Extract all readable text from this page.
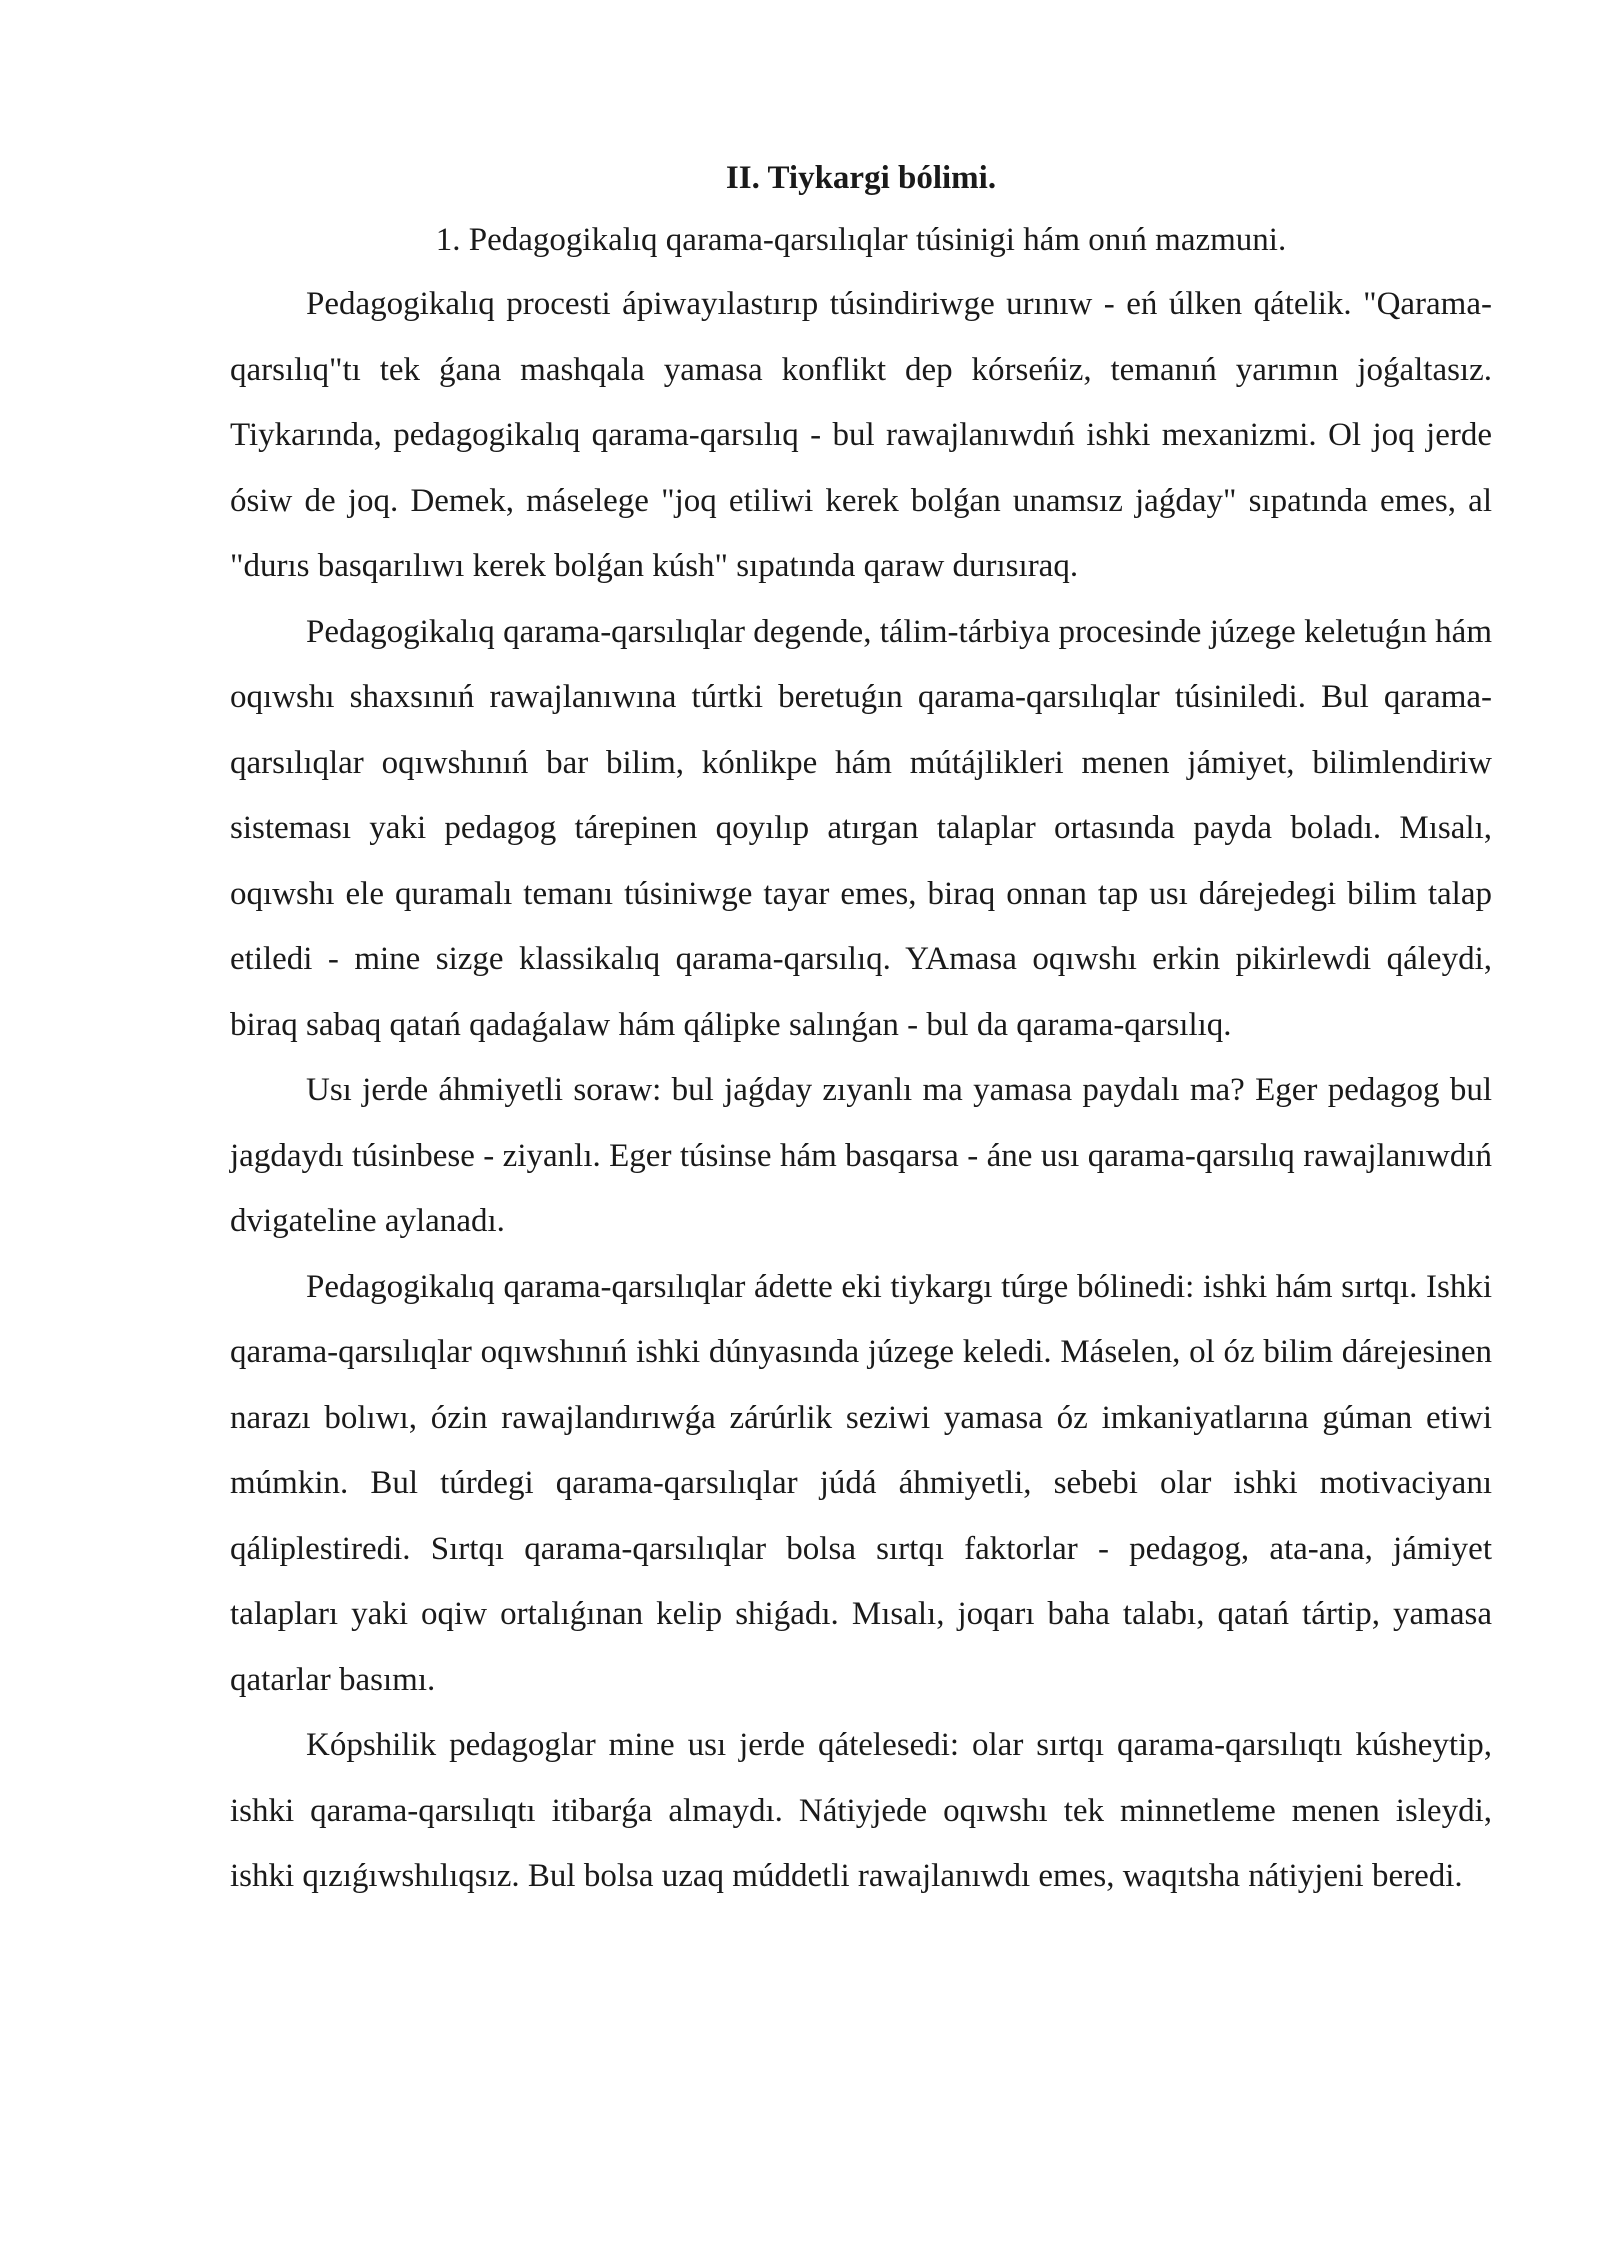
II. Tiykargi bólimi.

1. Pedagogikalıq qarama-qarsılıqlar túsinigi hám onıń mazmuni.

Pedagogikalıq procesti ápiwayılastırıp túsindiriwge urınıw - eń úlken qátelik. "Qarama-qarsılıq"tı tek ǵana mashqala yamasa konflikt dep kórseńiz, temanıń yarımın joǵaltasız. Tiykarında, pedagogikalıq qarama-qarsılıq - bul rawajlanıwdıń ishki mexanizmi. Ol joq jerde ósiw de joq. Demek, máselege "joq etiliwi kerek bolǵan unamsız jaǵday" sıpatında emes, al "durıs basqarılıwı kerek bolǵan kúsh" sıpatında qaraw durısıraq.

Pedagogikalıq qarama-qarsılıqlar degende, tálim-tárbiya procesinde júzege keletuǵın hám oqıwshı shaxsınıń rawajlanıwına túrtki beretuǵın qarama-qarsılıqlar túsiniledi. Bul qarama-qarsılıqlar oqıwshınıń bar bilim, kónlikpe hám mútájlikleri menen jámiyet, bilimlendiriw sisteması yaki pedagog tárepinen qoyılıp atırgan talaplar ortasında payda boladı. Mısalı, oqıwshı ele quramalı temanı túsiniwge tayar emes, biraq onnan tap usı dárejedegi bilim talap etiledi - mine sizge klassikalıq qarama-qarsılıq. YAmasa oqıwshı erkin pikirlewdi qáleydi, biraq sabaq qatań qadaǵalaw hám qálipke salınǵan - bul da qarama-qarsılıq.

Usı jerde áhmiyetli soraw: bul jaǵday zıyanlı ma yamasa paydalı ma? Eger pedagog bul jagdaydı túsinbese - ziyanlı. Eger túsinse hám basqarsa - áne usı qarama-qarsılıq rawajlanıwdıń dvigateline aylanadı.

Pedagogikalıq qarama-qarsılıqlar ádette eki tiykargı túrge bólinedi: ishki hám sırtqı. Ishki qarama-qarsılıqlar oqıwshınıń ishki dúnyasında júzege keledi. Máselen, ol óz bilim dárejesinen narazı bolıwı, ózin rawajlandırıwǵa zárúrlik seziwi yamasa óz imkaniyatlarına gúman etiwi múmkin. Bul túrdegi qarama-qarsılıqlar júdá áhmiyetli, sebebi olar ishki motivaciyanı qáliplestiredi. Sırtqı qarama-qarsılıqlar bolsa sırtqı faktorlar - pedagog, ata-ana, jámiyet talapları yaki oqiw ortalıǵınan kelip shiǵadı. Mısalı, joqarı baha talabı, qatań tártip, yamasa qatarlar basımı.

Kópshilik pedagoglar mine usı jerde qátelesedi: olar sırtqı qarama-qarsılıqtı kúsheytip, ishki qarama-qarsılıqtı itibarǵa almaydı. Nátiyjede oqıwshı tek minnetleme menen isleydi, ishki qızıǵıwshılıqsız. Bul bolsa uzaq múddetli rawajlanıwdı emes, waqıtsha nátiyjeni beredi.
